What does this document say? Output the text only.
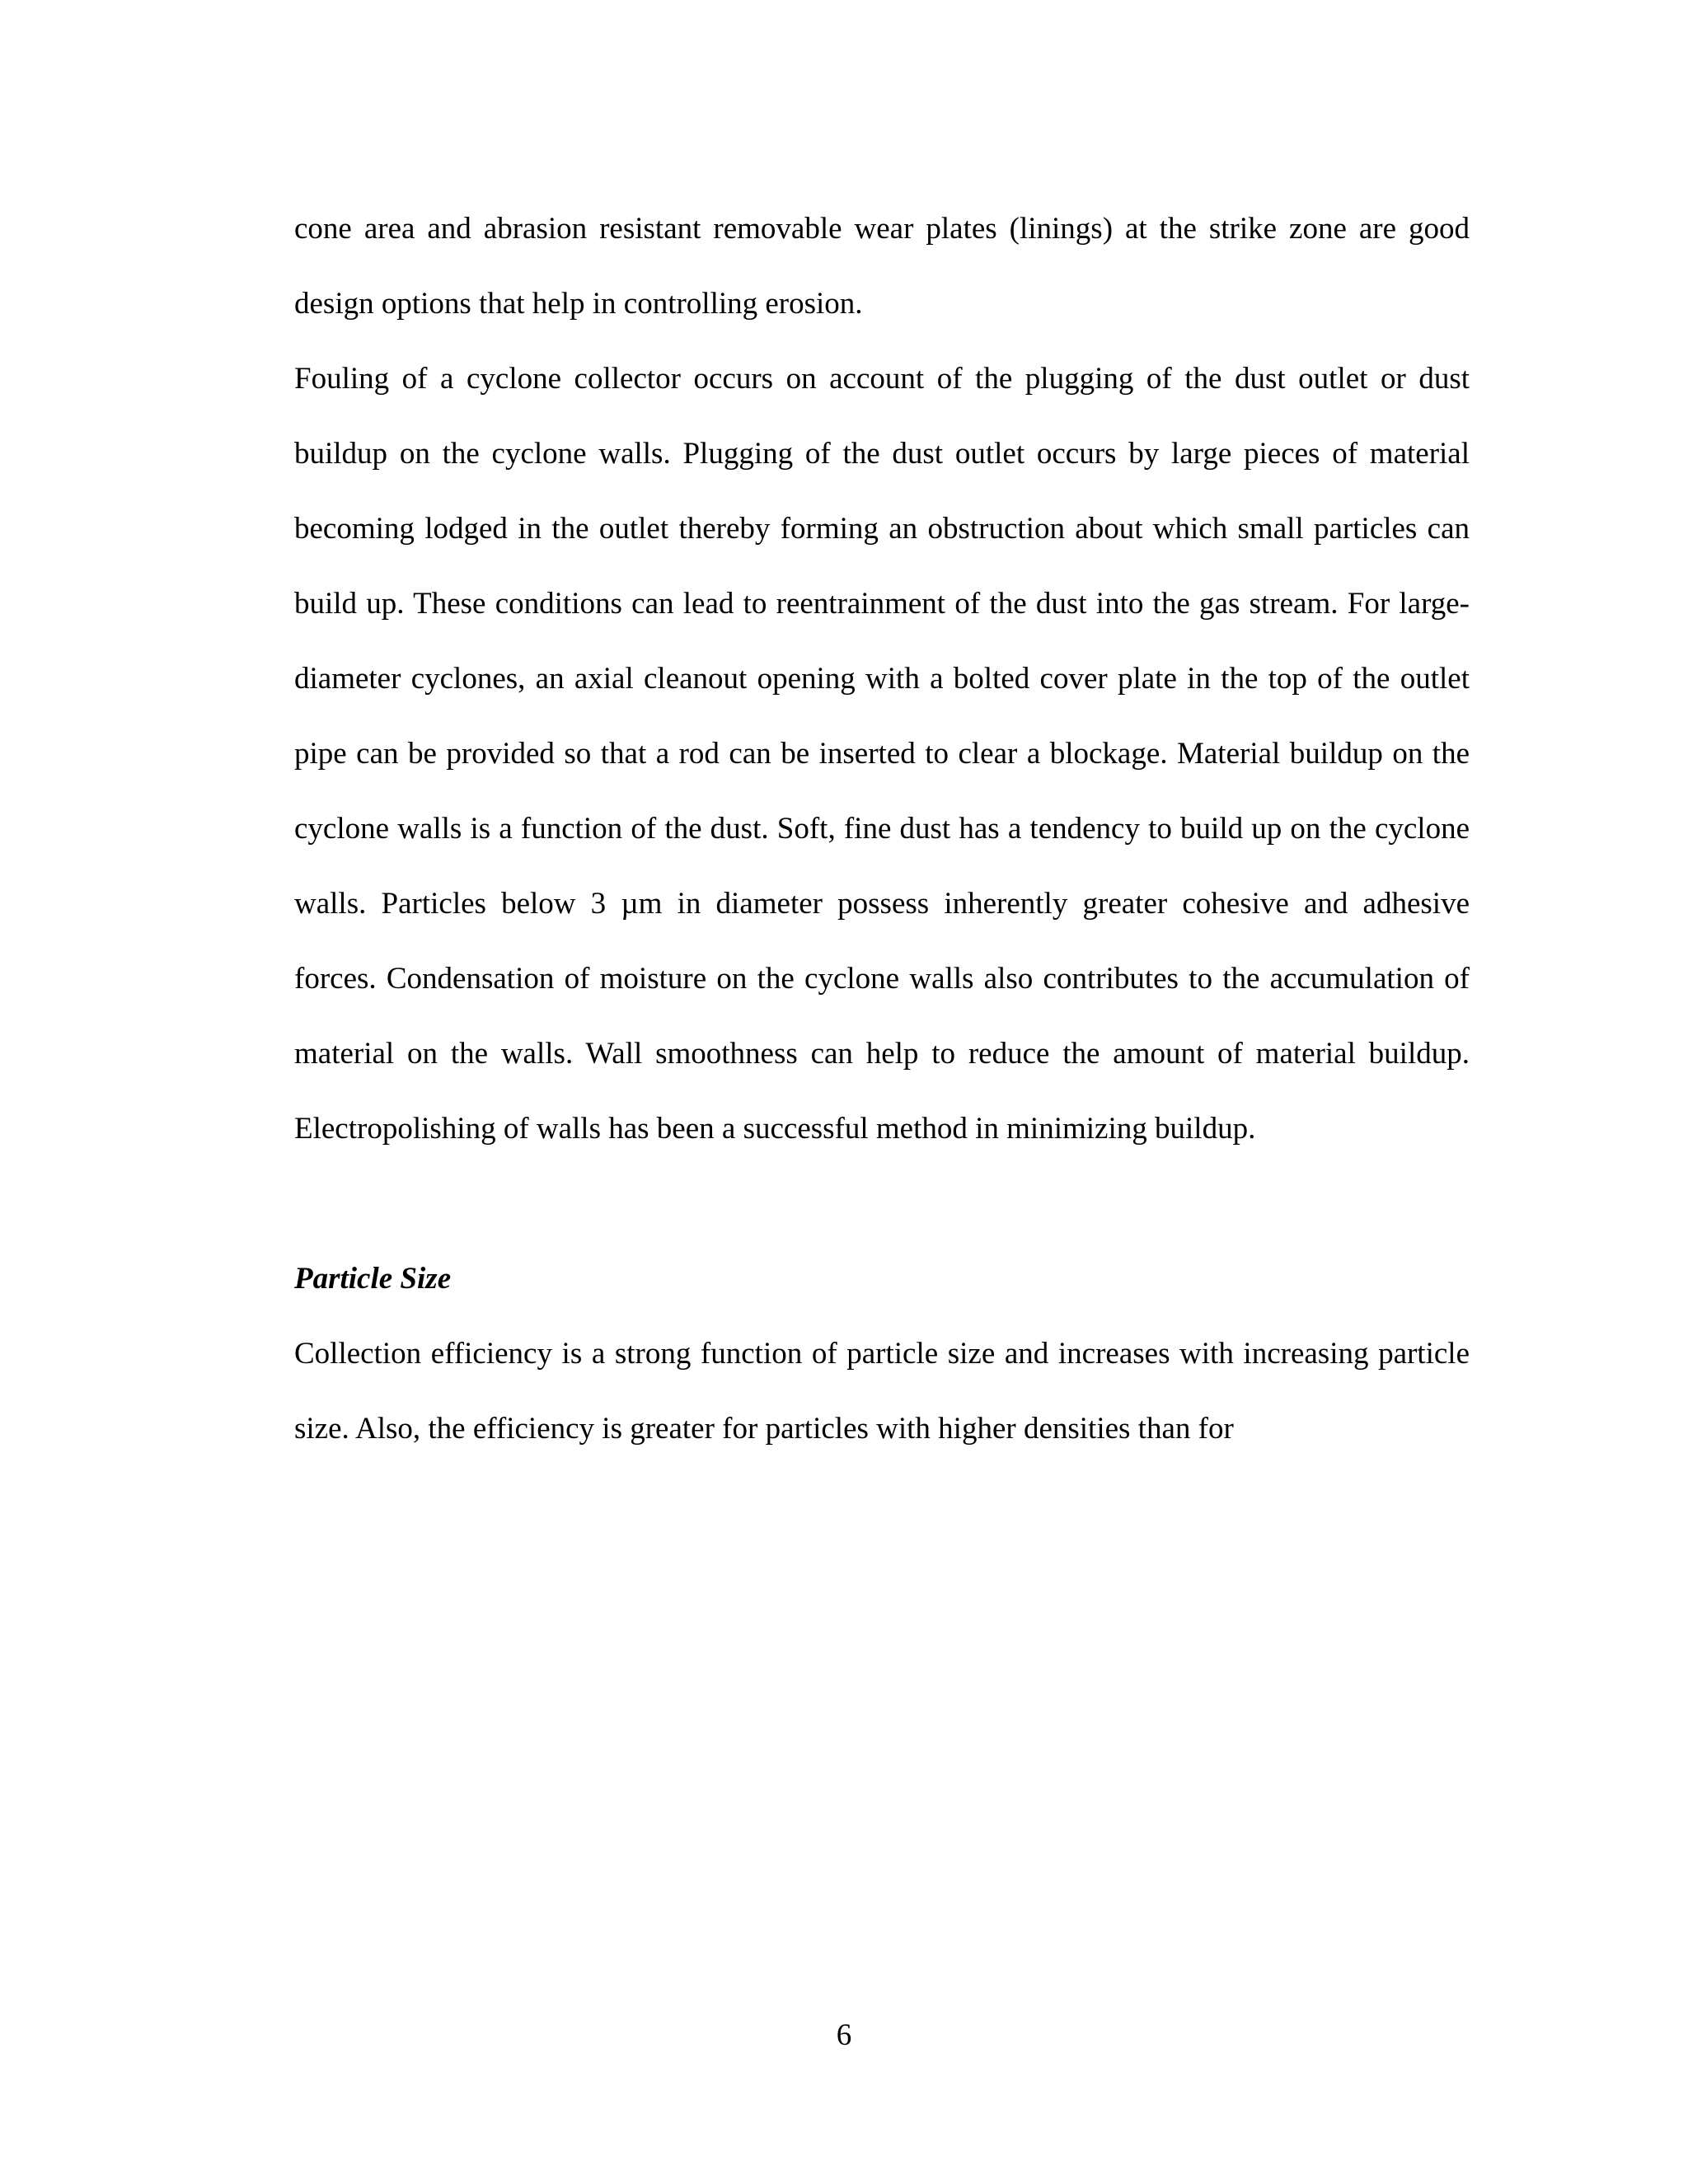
cone area and abrasion resistant removable wear plates (linings) at the strike zone are good design options that help in controlling erosion.

Fouling of a cyclone collector occurs on account of the plugging of the dust outlet or dust buildup on the cyclone walls. Plugging of the dust outlet occurs by large pieces of material becoming lodged in the outlet thereby forming an obstruction about which small particles can build up. These conditions can lead to reentrainment of the dust into the gas stream. For large-diameter cyclones, an axial cleanout opening with a bolted cover plate in the top of the outlet pipe can be provided so that a rod can be inserted to clear a blockage. Material buildup on the cyclone walls is a function of the dust. Soft, fine dust has a tendency to build up on the cyclone walls. Particles below 3 µm in diameter possess inherently greater cohesive and adhesive forces. Condensation of moisture on the cyclone walls also contributes to the accumulation of material on the walls. Wall smoothness can help to reduce the amount of material buildup. Electropolishing of walls has been a successful method in minimizing buildup.

Particle Size

Collection efficiency is a strong function of particle size and increases with increasing particle size. Also, the efficiency is greater for particles with higher densities than for

6
